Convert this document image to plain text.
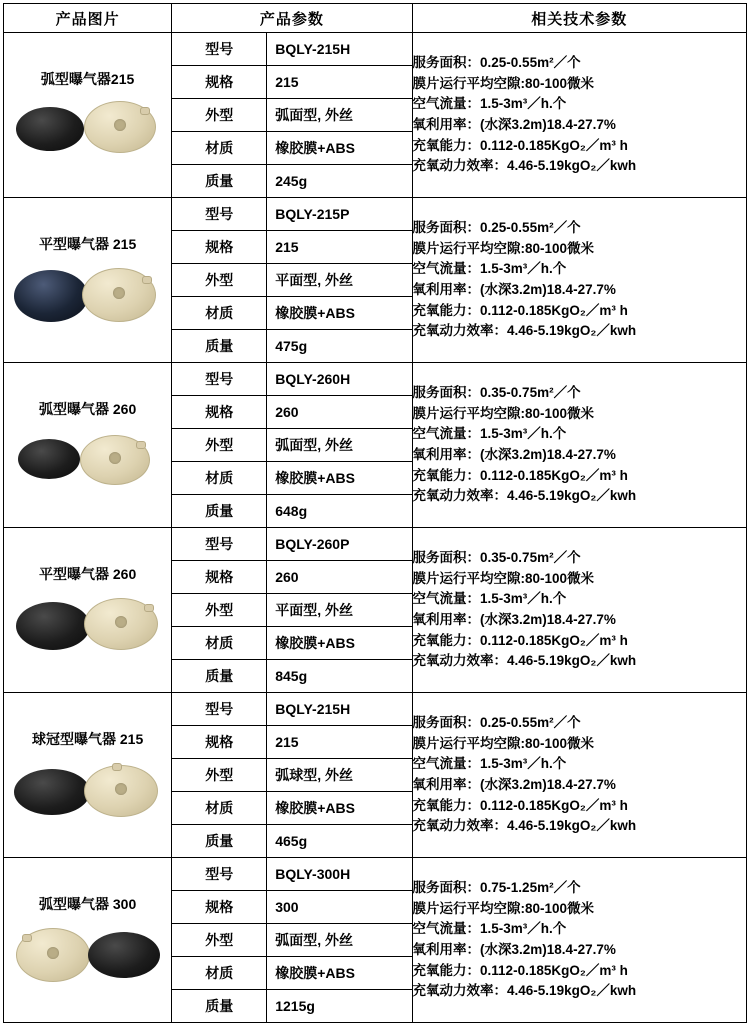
产品图片	产品参数	相关技术参数

弧型曝气器215

型号	BQLY-215H
规格	215
外型	弧面型, 外丝
材质	橡胶膜+ABS
质量	245g

服务面积：0.25-0.55m²／个
膜片运行平均空隙:80-100微米
空气流量：1.5-3m³／h.个
氧利用率：(水深3.2m)18.4-27.7%
充氧能力：0.112-0.185KgO₂／m³ h
充氧动力效率：4.46-5.19kgO₂／kwh

平型曝气器 215

型号	BQLY-215P
规格	215
外型	平面型, 外丝
材质	橡胶膜+ABS
质量	475g

服务面积：0.25-0.55m²／个
膜片运行平均空隙:80-100微米
空气流量：1.5-3m³／h.个
氧利用率：(水深3.2m)18.4-27.7%
充氧能力：0.112-0.185KgO₂／m³ h
充氧动力效率：4.46-5.19kgO₂／kwh

弧型曝气器 260

型号	BQLY-260H
规格	260
外型	弧面型, 外丝
材质	橡胶膜+ABS
质量	648g

服务面积：0.35-0.75m²／个
膜片运行平均空隙:80-100微米
空气流量：1.5-3m³／h.个
氧利用率：(水深3.2m)18.4-27.7%
充氧能力：0.112-0.185KgO₂／m³ h
充氧动力效率：4.46-5.19kgO₂／kwh

平型曝气器 260

型号	BQLY-260P
规格	260
外型	平面型, 外丝
材质	橡胶膜+ABS
质量	845g

服务面积：0.35-0.75m²／个
膜片运行平均空隙:80-100微米
空气流量：1.5-3m³／h.个
氧利用率：(水深3.2m)18.4-27.7%
充氧能力：0.112-0.185KgO₂／m³ h
充氧动力效率：4.46-5.19kgO₂／kwh

球冠型曝气器 215

型号	BQLY-215H
规格	215
外型	弧球型, 外丝
材质	橡胶膜+ABS
质量	465g

服务面积：0.25-0.55m²／个
膜片运行平均空隙:80-100微米
空气流量：1.5-3m³／h.个
氧利用率：(水深3.2m)18.4-27.7%
充氧能力：0.112-0.185KgO₂／m³ h
充氧动力效率：4.46-5.19kgO₂／kwh

弧型曝气器 300

型号	BQLY-300H
规格	300
外型	弧面型, 外丝
材质	橡胶膜+ABS
质量	1215g

服务面积：0.75-1.25m²／个
膜片运行平均空隙:80-100微米
空气流量：1.5-3m³／h.个
氧利用率：(水深3.2m)18.4-27.7%
充氧能力：0.112-0.185KgO₂／m³ h
充氧动力效率：4.46-5.19kgO₂／kwh
